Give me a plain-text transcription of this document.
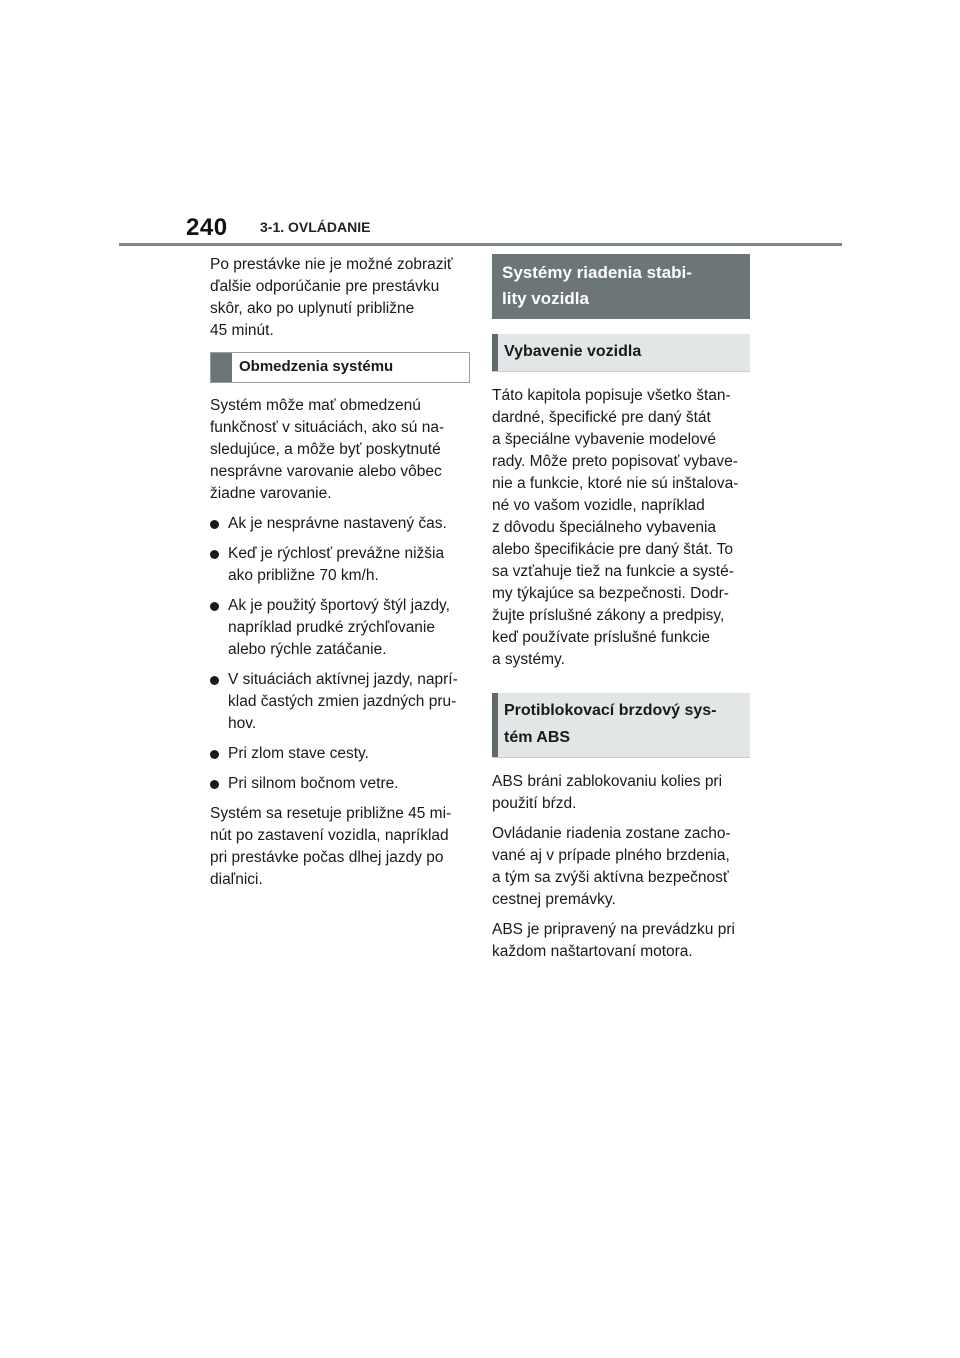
240 3-1. OVLÁDANIE

Po prestávke nie je možné zobraziť
ďalšie odporúčanie pre prestávku
skôr, ako po uplynutí približne
45 minút.

Obmedzenia systému

Systém môže mať obmedzenú
funkčnosť v situáciách, ako sú na-
sledujúce, a môže byť poskytnuté
nesprávne varovanie alebo vôbec
žiadne varovanie.

Ak je nesprávne nastavený čas.
Keď je rýchlosť prevážne nižšia
ako približne 70 km/h.
Ak je použitý športový štýl jazdy,
napríklad prudké zrýchľovanie
alebo rýchle zatáčanie.
V situáciách aktívnej jazdy, naprí-
klad častých zmien jazdných pru-
hov.
Pri zlom stave cesty.
Pri silnom bočnom vetre.

Systém sa resetuje približne 45 mi-
nút po zastavení vozidla, napríklad
pri prestávke počas dlhej jazdy po
diaľnici.

Systémy riadenia stabi-
lity vozidla
Vybavenie vozidla

Táto kapitola popisuje všetko štan-
dardné, špecifické pre daný štát
a špeciálne vybavenie modelové
rady. Môže preto popisovať vybave-
nie a funkcie, ktoré nie sú inštalova-
né vo vašom vozidle, napríklad
z dôvodu špeciálneho vybavenia
alebo špecifikácie pre daný štát. To
sa vzťahuje tiež na funkcie a systé-
my týkajúce sa bezpečnosti. Dodr-
žujte príslušné zákony a predpisy,
keď používate príslušné funkcie
a systémy.

Protiblokovací brzdový sys-
tém ABS

ABS bráni zablokovaniu kolies pri
použití bŕzd.

Ovládanie riadenia zostane zacho-
vané aj v prípade plného brzdenia,
a tým sa zvýši aktívna bezpečnosť
cestnej premávky.

ABS je pripravený na prevádzku pri
každom naštartovaní motora.
